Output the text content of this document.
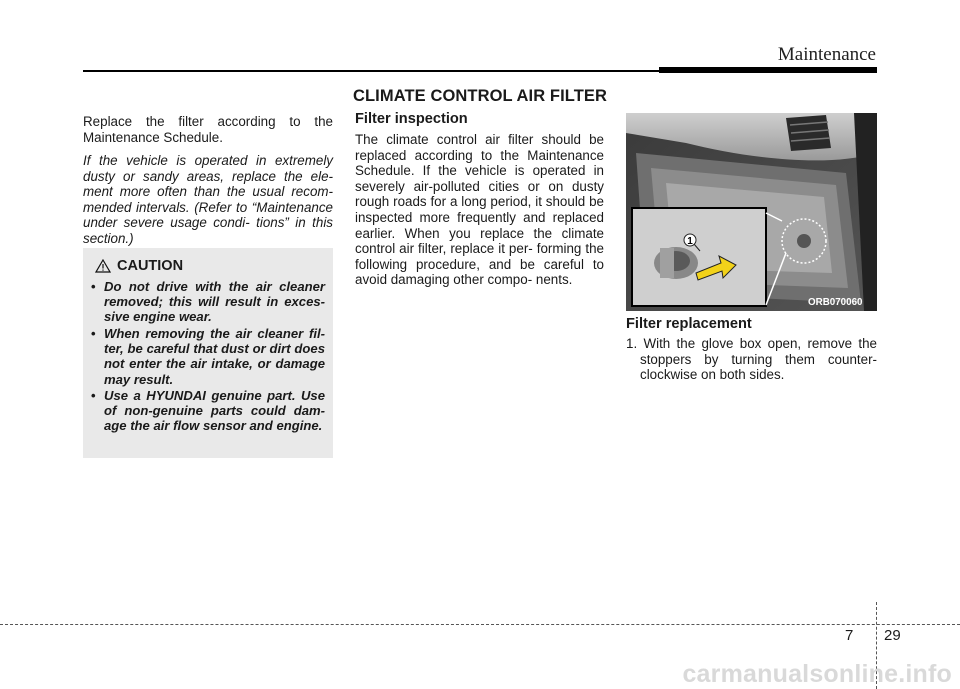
Maintenance
CLIMATE CONTROL AIR FILTER
Replace the filter according to the Maintenance Schedule.
If the vehicle is operated in extremely dusty or sandy areas, replace the ele- ment more often than the usual recom- mended intervals. (Refer to “Maintenance under severe usage condi- tions” in this section.)
CAUTION
• Do not drive with the air cleaner removed; this will result in exces- sive engine wear.
• When removing the air cleaner fil- ter, be careful that dust or dirt does not enter the air intake, or damage may result.
• Use a HYUNDAI genuine part. Use of non-genuine parts could dam- age the air flow sensor and engine.
Filter inspection
The climate control air filter should be replaced according to the Maintenance Schedule. If the vehicle is operated in severely air-polluted cities or on dusty rough roads for a long period, it should be inspected more frequently and replaced earlier. When you replace the climate control air filter, replace it per- forming the following procedure, and be careful to avoid damaging other compo- nents.
1
ORB070060
Filter replacement
1. With the glove box open, remove the stoppers by turning them counter- clockwise on both sides.
7 29
carmanualsonline.info
